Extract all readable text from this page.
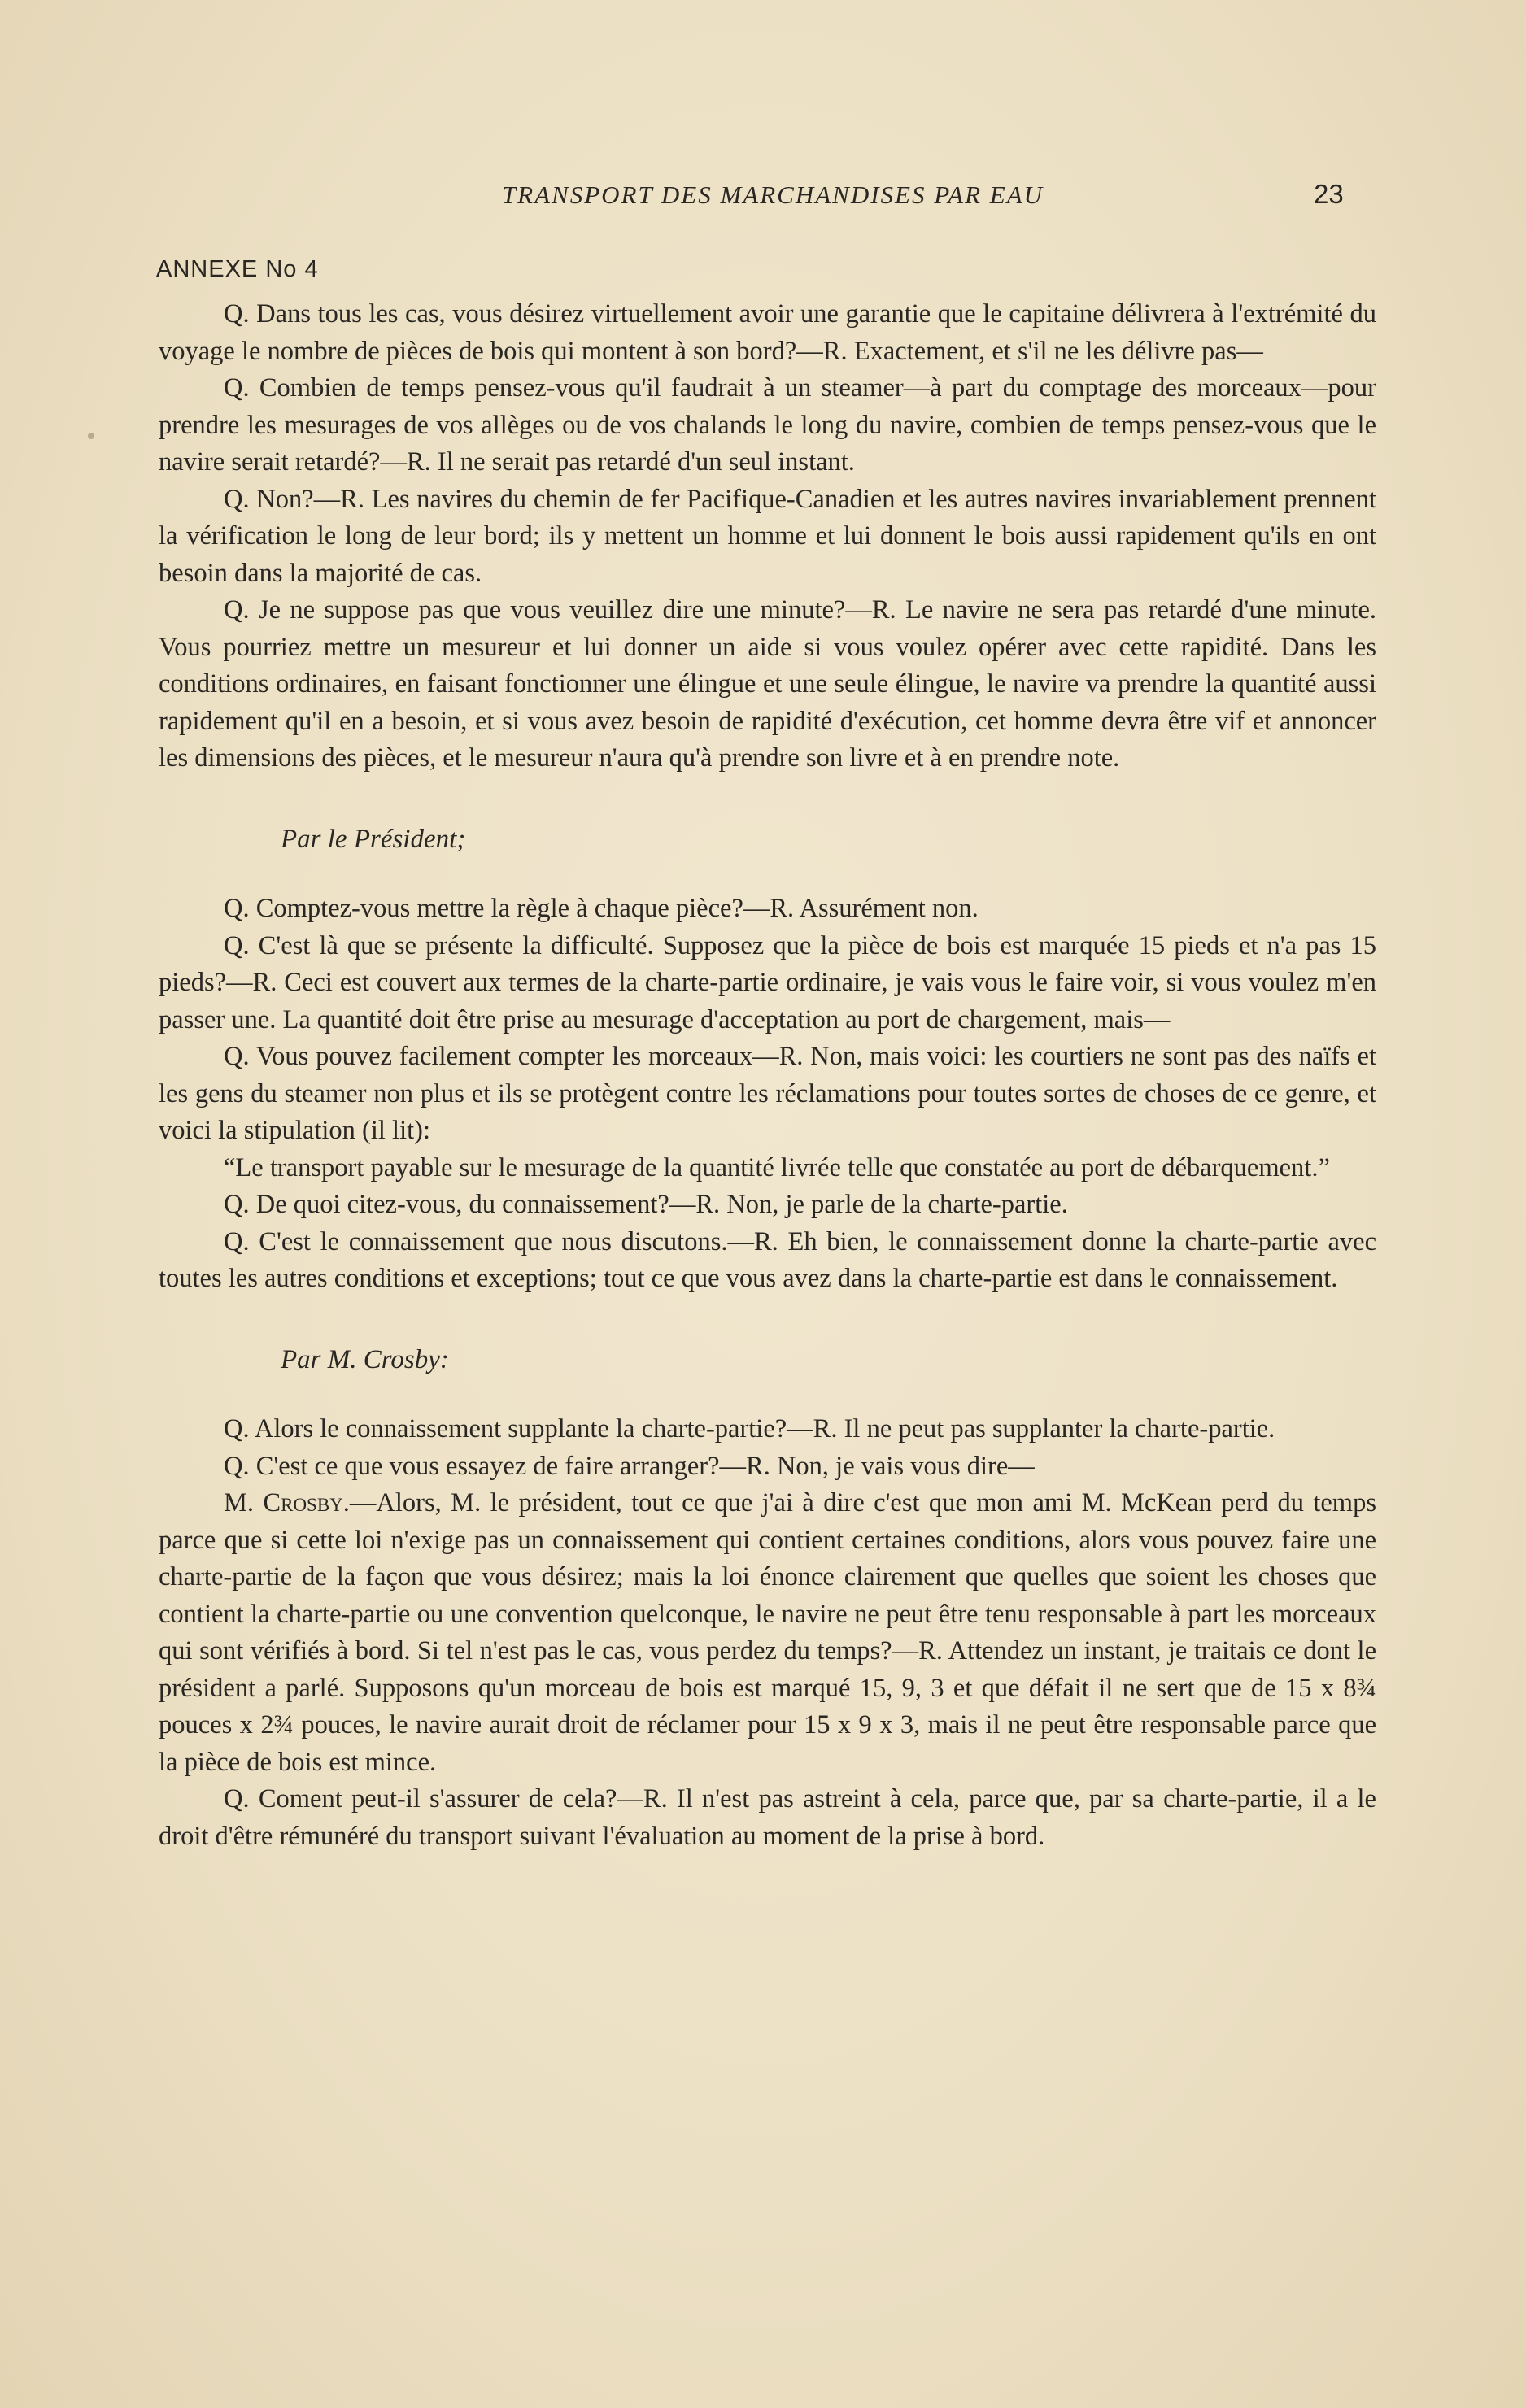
TRANSPORT DES MARCHANDISES PAR EAU	23
ANNEXE No 4

Q. Dans tous les cas, vous désirez virtuellement avoir une garantie que le capitaine délivrera à l'extrémité du voyage le nombre de pièces de bois qui montent à son bord?—R. Exactement, et s'il ne les délivre pas—

Q. Combien de temps pensez-vous qu'il faudrait à un steamer—à part du comptage des morceaux—pour prendre les mesurages de vos allèges ou de vos chalands le long du navire, combien de temps pensez-vous que le navire serait retardé?—R. Il ne serait pas retardé d'un seul instant.

Q. Non?—R. Les navires du chemin de fer Pacifique-Canadien et les autres navires invariablement prennent la vérification le long de leur bord; ils y mettent un homme et lui donnent le bois aussi rapidement qu'ils en ont besoin dans la majorité de cas.

Q. Je ne suppose pas que vous veuillez dire une minute?—R. Le navire ne sera pas retardé d'une minute. Vous pourriez mettre un mesureur et lui donner un aide si vous voulez opérer avec cette rapidité. Dans les conditions ordinaires, en faisant fonctionner une élingue et une seule élingue, le navire va prendre la quantité aussi rapidement qu'il en a besoin, et si vous avez besoin de rapidité d'exécution, cet homme devra être vif et annoncer les dimensions des pièces, et le mesureur n'aura qu'à prendre son livre et à en prendre note.

Par le Président;

Q. Comptez-vous mettre la règle à chaque pièce?—R. Assurément non.

Q. C'est là que se présente la difficulté. Supposez que la pièce de bois est marquée 15 pieds et n'a pas 15 pieds?—R. Ceci est couvert aux termes de la charte-partie ordinaire, je vais vous le faire voir, si vous voulez m'en passer une. La quantité doit être prise au mesurage d'acceptation au port de chargement, mais—

Q. Vous pouvez facilement compter les morceaux—R. Non, mais voici: les courtiers ne sont pas des naïfs et les gens du steamer non plus et ils se protègent contre les réclamations pour toutes sortes de choses de ce genre, et voici la stipulation (il lit):

“Le transport payable sur le mesurage de la quantité livrée telle que constatée au port de débarquement.”

Q. De quoi citez-vous, du connaissement?—R. Non, je parle de la charte-partie.

Q. C'est le connaissement que nous discutons.—R. Eh bien, le connaissement donne la charte-partie avec toutes les autres conditions et exceptions; tout ce que vous avez dans la charte-partie est dans le connaissement.

Par M. Crosby:

Q. Alors le connaissement supplante la charte-partie?—R. Il ne peut pas supplanter la charte-partie.

Q. C'est ce que vous essayez de faire arranger?—R. Non, je vais vous dire—

M. Crosby.—Alors, M. le président, tout ce que j'ai à dire c'est que mon ami M. McKean perd du temps parce que si cette loi n'exige pas un connaissement qui contient certaines conditions, alors vous pouvez faire une charte-partie de la façon que vous désirez; mais la loi énonce clairement que quelles que soient les choses que contient la charte-partie ou une convention quelconque, le navire ne peut être tenu responsable à part les morceaux qui sont vérifiés à bord. Si tel n'est pas le cas, vous perdez du temps?—R. Attendez un instant, je traitais ce dont le président a parlé. Supposons qu'un morceau de bois est marqué 15, 9, 3 et que défait il ne sert que de 15 x 8¾ pouces x 2¾ pouces, le navire aurait droit de réclamer pour 15 x 9 x 3, mais il ne peut être responsable parce que la pièce de bois est mince.

Q. Coment peut-il s'assurer de cela?—R. Il n'est pas astreint à cela, parce que, par sa charte-partie, il a le droit d'être rémunéré du transport suivant l'évaluation au moment de la prise à bord.
